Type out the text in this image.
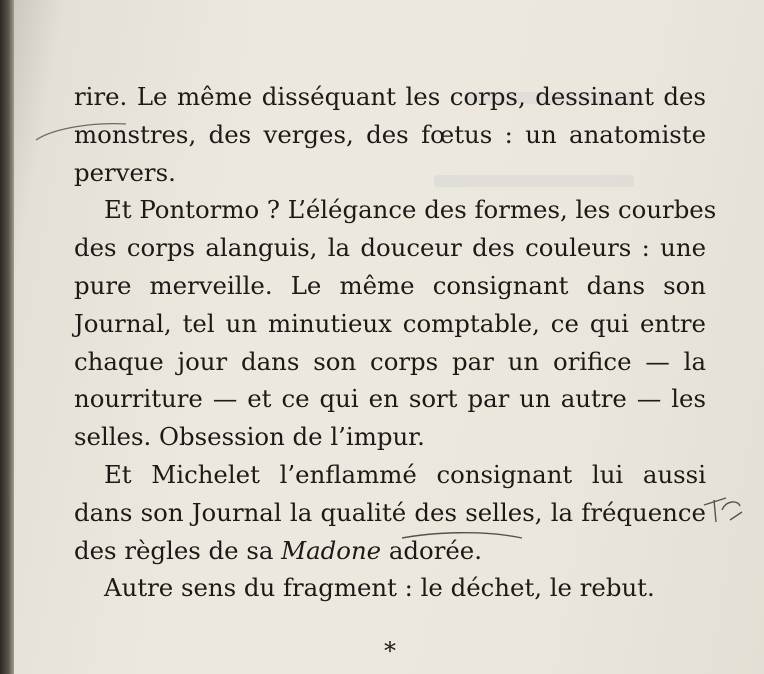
rire. Le même disséquant les corps, dessinant des
monstres, des verges, des fœtus : un anatomiste
pervers.
Et Pontormo ? L’élégance des formes, les courbes
des corps alanguis, la douceur des couleurs : une
pure merveille. Le même consignant dans son
Journal, tel un minutieux comptable, ce qui entre
chaque jour dans son corps par un orifice — la
nourriture — et ce qui en sort par un autre — les
selles. Obsession de l’impur.
Et Michelet l’enflammé consignant lui aussi
dans son Journal la qualité des selles, la fréquence
des règles de sa Madone adorée.
Autre sens du fragment : le déchet, le rebut.
*
